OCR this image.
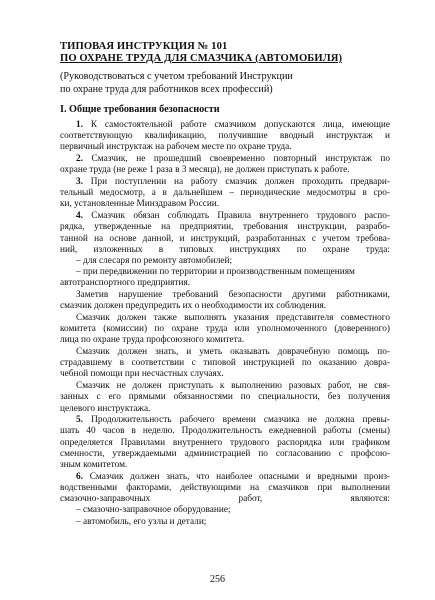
ТИПОВАЯ ИНСТРУКЦИЯ № 101
ПО ОХРАНЕ ТРУДА ДЛЯ СМАЗЧИКА (АВТОМОБИЛЯ)
(Руководствоваться с учетом требований Инструкции
по охране труда для работников всех профессий)
I. Общие требования безопасности
1. К самостоятельной работе смазчиком допускаются лица, имеющие
соответствующую квалификацию, получившие вводный инструктаж и
первичный инструктаж на рабочем месте по охране труда.
2. Смазчик, не прошедший своевременно повторный инструктаж по
охране труда (не реже 1 раза в 3 месяца), не должен приступать к работе.
3. При поступлении на работу смазчик должен проходить предвари-
тельный медосмотр, а в дальнейшем – периодические медосмотры в сро-
ки, установленные Минздравом России.
4. Смазчик обязан соблюдать Правила внутреннего трудового распо-
рядка, утвержденные на предприятии, требования инструкции, разрабо-
танной на основе данной, и инструкций, разработанных с учетом требова-
ний, изложенных в типовых инструкциях по охране труда:
– для слесаря по ремонту автомобилей;
– при передвижении по территории и производственным помещениям
автотранспортного предприятия.
Заметив нарушение требований безопасности другими работниками,
смазчик должен предупредить их о необходимости их соблюдения.
Смазчик должен также выполнять указания представителя совместного
комитета (комиссии) по охране труда или уполномоченного (доверенного)
лица по охране труда профсоюзного комитета.
Смазчик должен знать, и уметь оказывать доврачебную помощь по-
страдавшему в соответствии с типовой инструкцией по оказанию доврa-
чебной помощи при несчастных случаях.
Смазчик не должен приступать к выполнению разовых работ, не свя-
занных с его прямыми обязанностями по специальности, без получения
целевого инструктажа.
5. Продолжительность рабочего времени смазчика не должна превы-
шать 40 часов в неделю. Продолжительность ежедневной работы (смены)
определяется Правилами внутреннего трудового распорядка или графиком
сменности, утверждаемыми администрацией по согласованию с профсою-
зным комитетом.
6. Смазчик должен знать, что наиболее опасными и вредными произ-
водственными факторами, действующими на смазчиков при выполнении
смазочно-заправочных работ, являются:
– смазочно-заправочное оборудование;
– автомобиль, его узлы и детали;
256
